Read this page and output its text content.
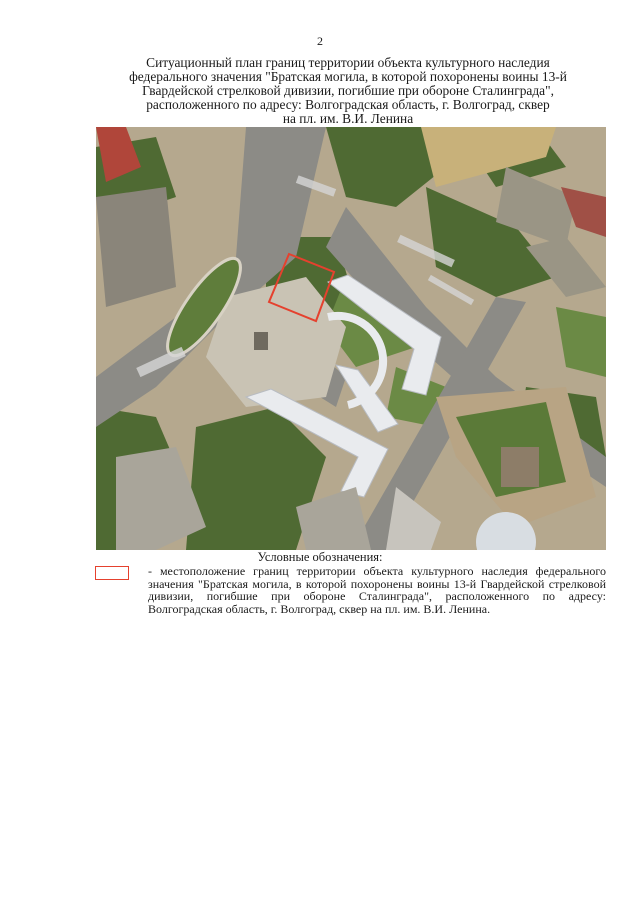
2
Ситуационный план границ территории объекта культурного наследия
федерального значения "Братская могила, в которой похоронены воины 13-й
Гвардейской стрелковой дивизии, погибшие при обороне Сталинграда",
расположенного по адресу: Волгоградская область, г. Волгоград, сквер
на пл. им. В.И. Ленина
Условные обозначения:
- местоположение границ территории объекта культурного наследия федерального значения "Братская могила, в которой похоронены воины 13-й Гвардейской стрелковой дивизии, погибшие при обороне Сталинграда", расположенного по адресу: Волгоградская область, г. Волгоград, сквер на пл. им. В.И. Ленина.
